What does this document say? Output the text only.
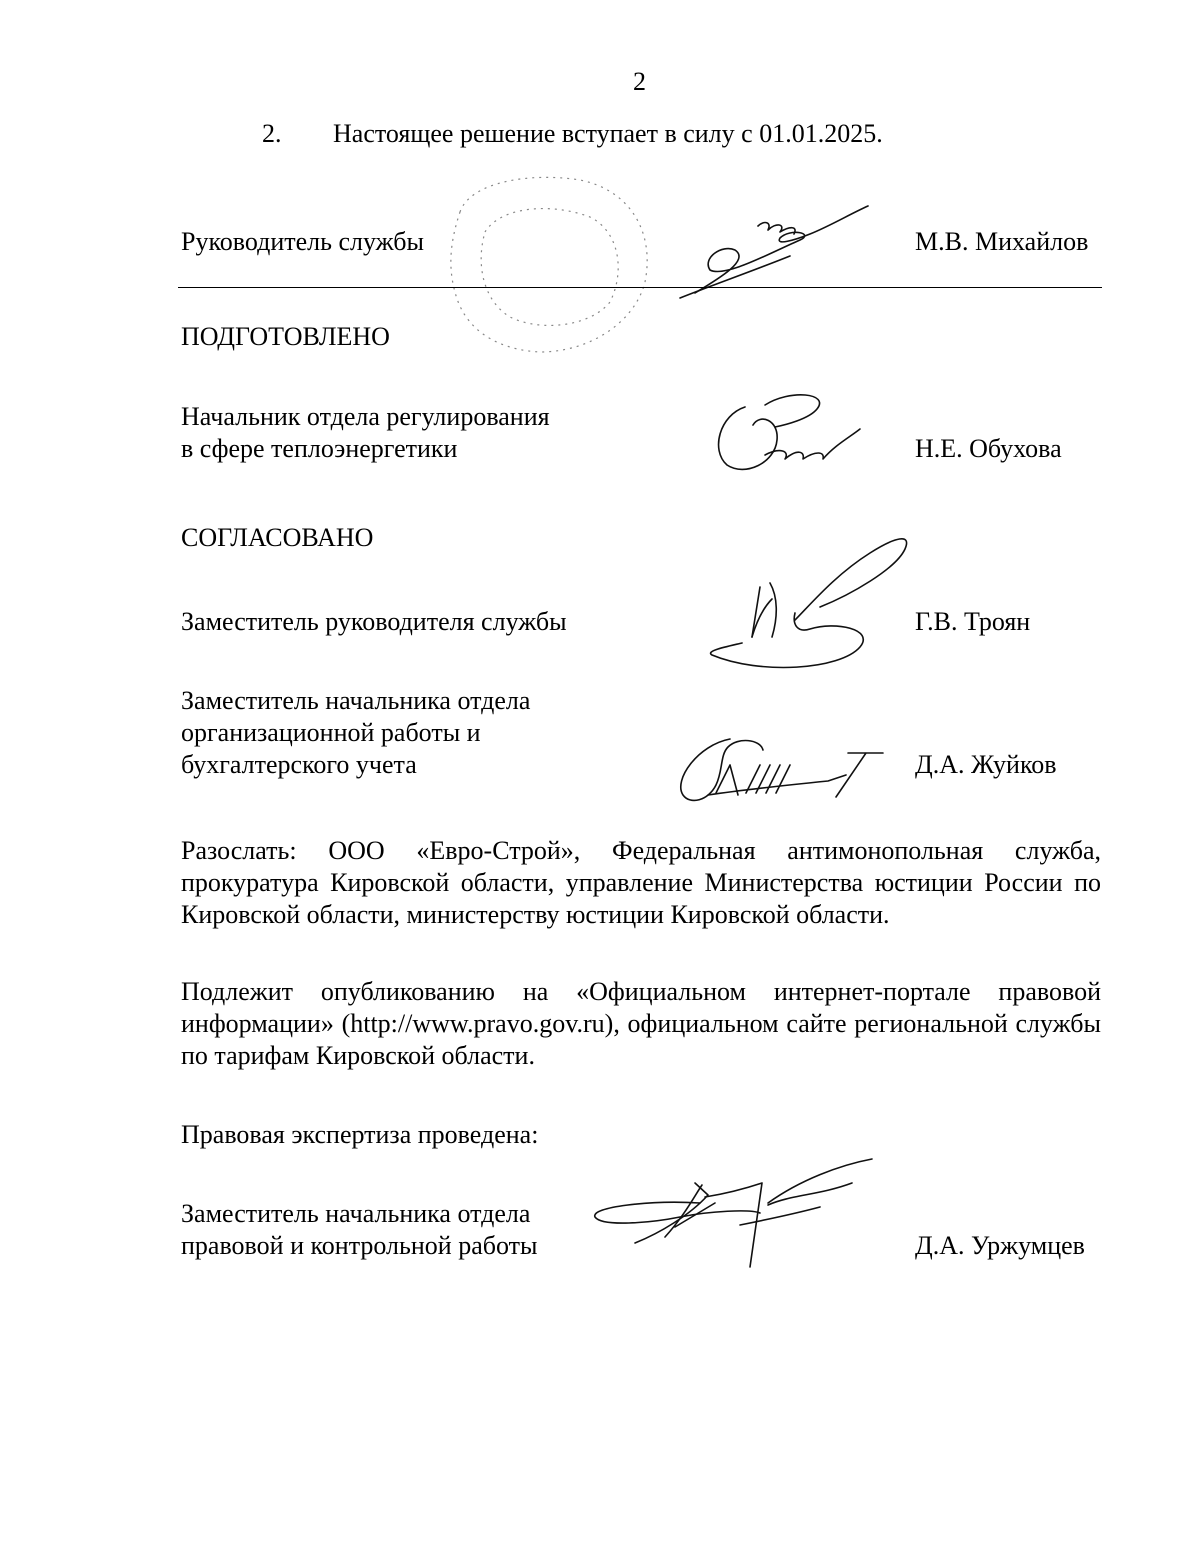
2
2. Настоящее решение вступает в силу с 01.01.2025.
Руководитель службы	М.В. Михайлов
ПОДГОТОВЛЕНО
Начальник отдела регулирования
в сфере теплоэнергетики	Н.Е. Обухова
СОГЛАСОВАНО
Заместитель руководителя службы	Г.В. Троян
Заместитель начальника отдела
организационной работы и
бухгалтерского учета	Д.А. Жуйков
Разослать: ООО «Евро-Строй», Федеральная антимонопольная служба, прокуратура Кировской области, управление Министерства юстиции России по Кировской области, министерству юстиции Кировской области.
Подлежит опубликованию на «Официальном интернет-портале правовой информации» (http://www.pravo.gov.ru), официальном сайте региональной службы по тарифам Кировской области.
Правовая экспертиза проведена:
Заместитель начальника отдела
правовой и контрольной работы	Д.А. Уржумцев
